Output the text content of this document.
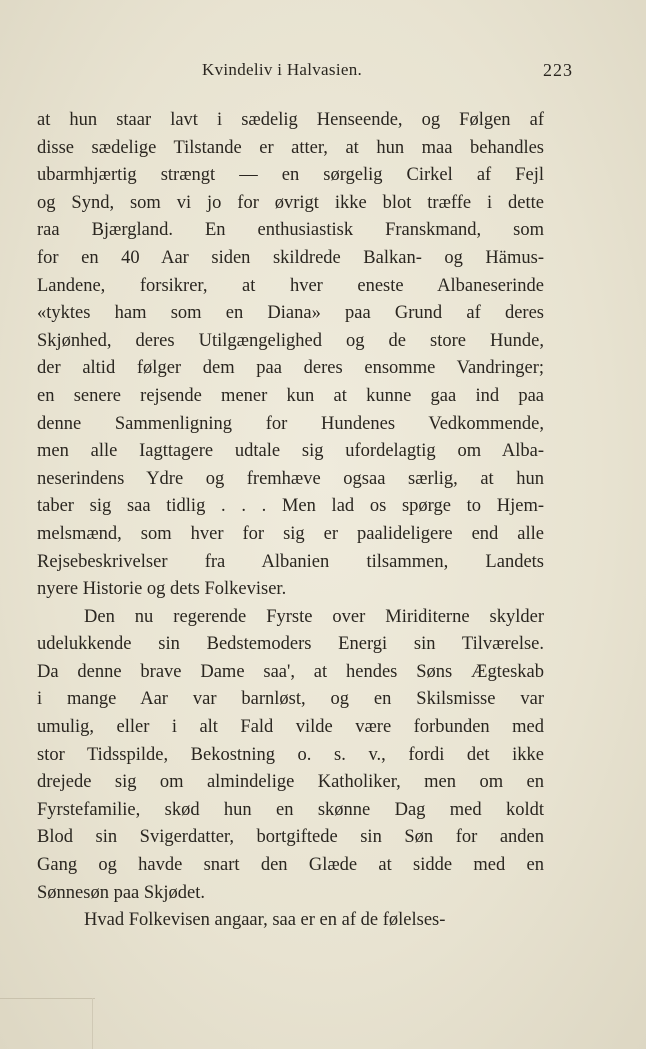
Kvindeliv i Halvasien.	223
at hun staar lavt i sædelig Henseende, og Følgen af
disse sædelige Tilstande er atter, at hun maa behandles
ubarmhjærtig strængt — en sørgelig Cirkel af Fejl
og Synd, som vi jo for øvrigt ikke blot træffe i dette
raa Bjærgland. En enthusiastisk Franskmand, som
for en 40 Aar siden skildrede Balkan- og Hämus-
Landene, forsikrer, at hver eneste Albaneserinde
«tyktes ham som en Diana» paa Grund af deres
Skjønhed, deres Utilgængelighed og de store Hunde,
der altid følger dem paa deres ensomme Vandringer;
en senere rejsende mener kun at kunne gaa ind paa
denne Sammenligning for Hundenes Vedkommende,
men alle Iagttagere udtale sig ufordelagtig om Alba-
neserindens Ydre og fremhæve ogsaa særlig, at hun
taber sig saa tidlig . . . Men lad os spørge to Hjem-
melsmænd, som hver for sig er paalideligere end alle
Rejsebeskrivelser fra Albanien tilsammen, Landets
nyere Historie og dets Folkeviser.
Den nu regerende Fyrste over Miriditerne skylder
udelukkende sin Bedstemoders Energi sin Tilværelse.
Da denne brave Dame saa', at hendes Søns Ægteskab
i mange Aar var barnløst, og en Skilsmisse var
umulig, eller i alt Fald vilde være forbunden med
stor Tidsspilde, Bekostning o. s. v., fordi det ikke
drejede sig om almindelige Katholiker, men om en
Fyrstefamilie, skød hun en skønne Dag med koldt
Blod sin Svigerdatter, bortgiftede sin Søn for anden
Gang og havde snart den Glæde at sidde med en
Sønnesøn paa Skjødet.
Hvad Folkevisen angaar, saa er en af de følelses-
